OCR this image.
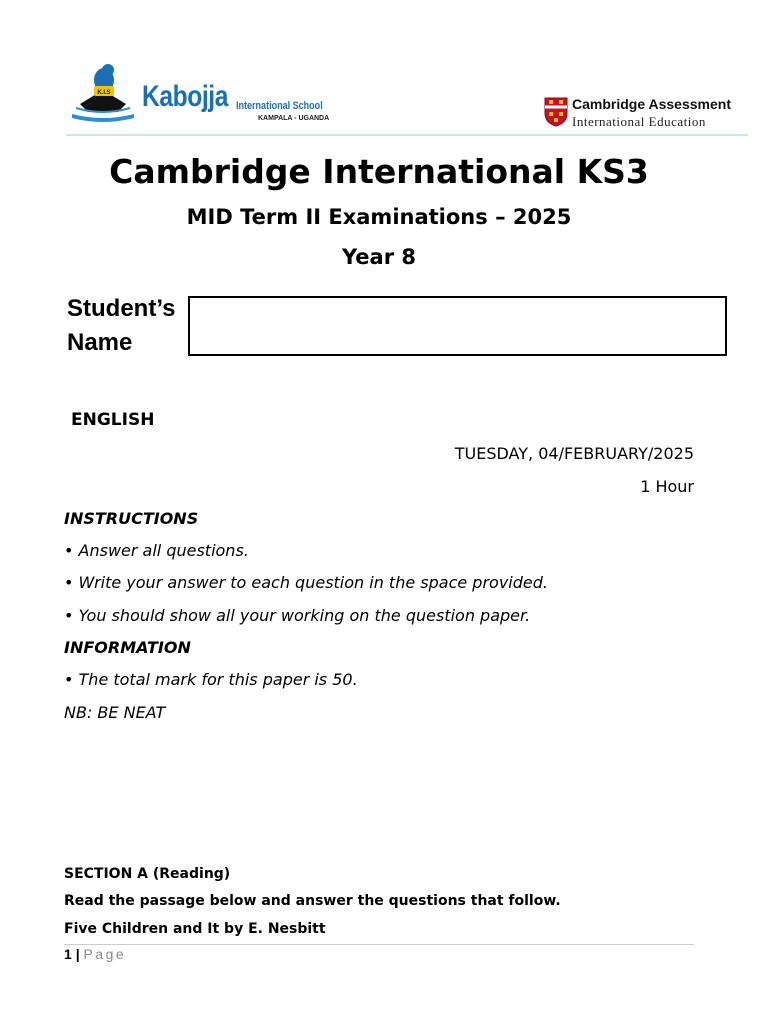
K.I.S Kabojja International School
KAMPALA - UGANDA
Cambridge Assessment
International Education
Cambridge International KS3
MID Term II Examinations – 2025
Year 8
Student’s Name
ENGLISH
TUESDAY, 04/FEBRUARY/2025
1 Hour
INSTRUCTIONS
• Answer all questions.
• Write your answer to each question in the space provided.
• You should show all your working on the question paper.
INFORMATION
• The total mark for this paper is 50.
NB: BE NEAT
SECTION A (Reading)
Read the passage below and answer the questions that follow.
Five Children and It by E. Nesbitt
1 | Page
